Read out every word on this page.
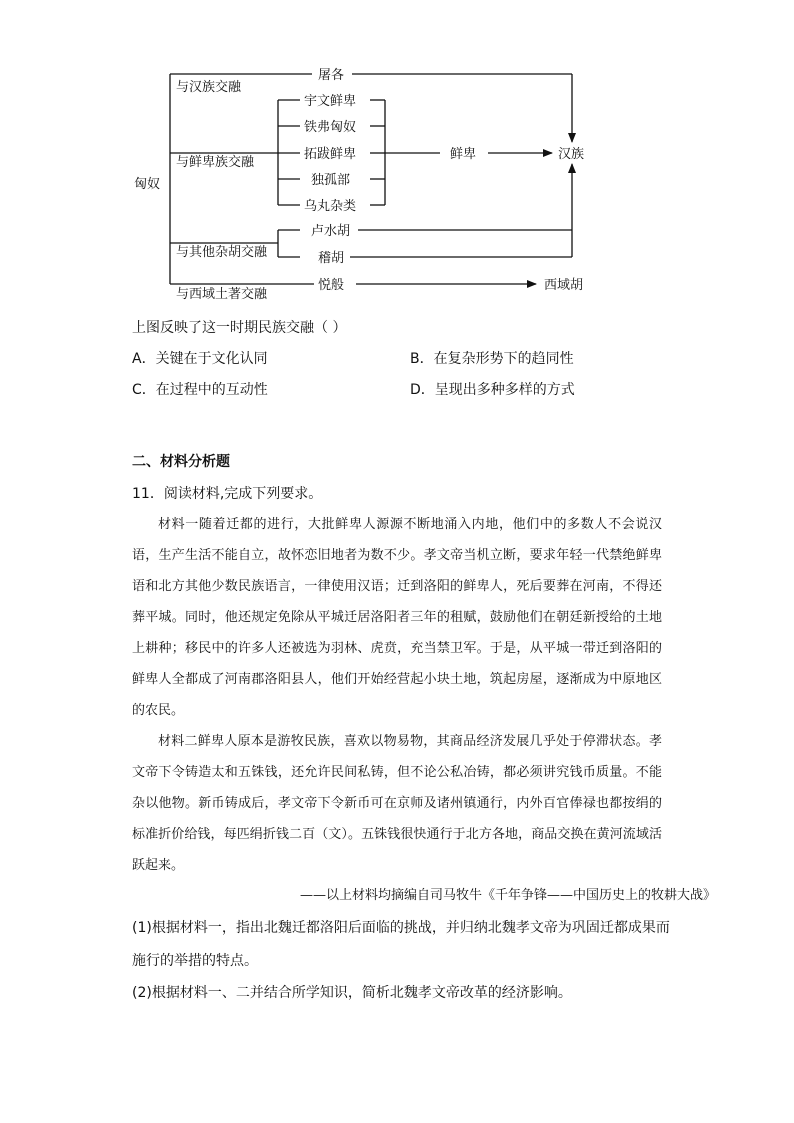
匈奴
与汉族交融
与鲜卑族交融
与其他杂胡交融
与西域土著交融
屠各
宇文鲜卑
铁弗匈奴
拓跋鲜卑
独孤部
乌丸杂类
卢水胡
稽胡
悦般
鲜卑	汉族
西域胡
上图反映了这一时期民族交融（ ）
A．关键在于文化认同	B．在复杂形势下的趋同性
C．在过程中的互动性	D．呈现出多种多样的方式
二、材料分析题
11．阅读材料,完成下列要求。
材料一随着迁都的进行，大批鲜卑人源源不断地涌入内地，他们中的多数人不会说汉语，生产生活不能自立，故怀恋旧地者为数不少。孝文帝当机立断，要求年轻一代禁绝鲜卑语和北方其他少数民族语言，一律使用汉语；迁到洛阳的鲜卑人，死后要葬在河南，不得还葬平城。同时，他还规定免除从平城迁居洛阳者三年的租赋，鼓励他们在朝廷新授给的土地上耕种；移民中的许多人还被选为羽林、虎贲，充当禁卫军。于是，从平城一带迁到洛阳的鲜卑人全都成了河南郡洛阳县人，他们开始经营起小块土地，筑起房屋，逐渐成为中原地区的农民。
材料二鲜卑人原本是游牧民族，喜欢以物易物，其商品经济发展几乎处于停滞状态。孝文帝下令铸造太和五铢钱，还允许民间私铸，但不论公私冶铸，都必须讲究钱币质量。不能杂以他物。新币铸成后，孝文帝下令新币可在京师及诸州镇通行，内外百官俸禄也都按绢的标准折价给钱，每匹绢折钱二百（文）。五铢钱很快通行于北方各地，商品交换在黄河流域活跃起来。
——以上材料均摘编自司马牧牛《千年争锋——中国历史上的牧耕大战》
(1)根据材料一，指出北魏迁都洛阳后面临的挑战，并归纳北魏孝文帝为巩固迁都成果而
施行的举措的特点。
(2)根据材料一、二并结合所学知识，简析北魏孝文帝改革的经济影响。
